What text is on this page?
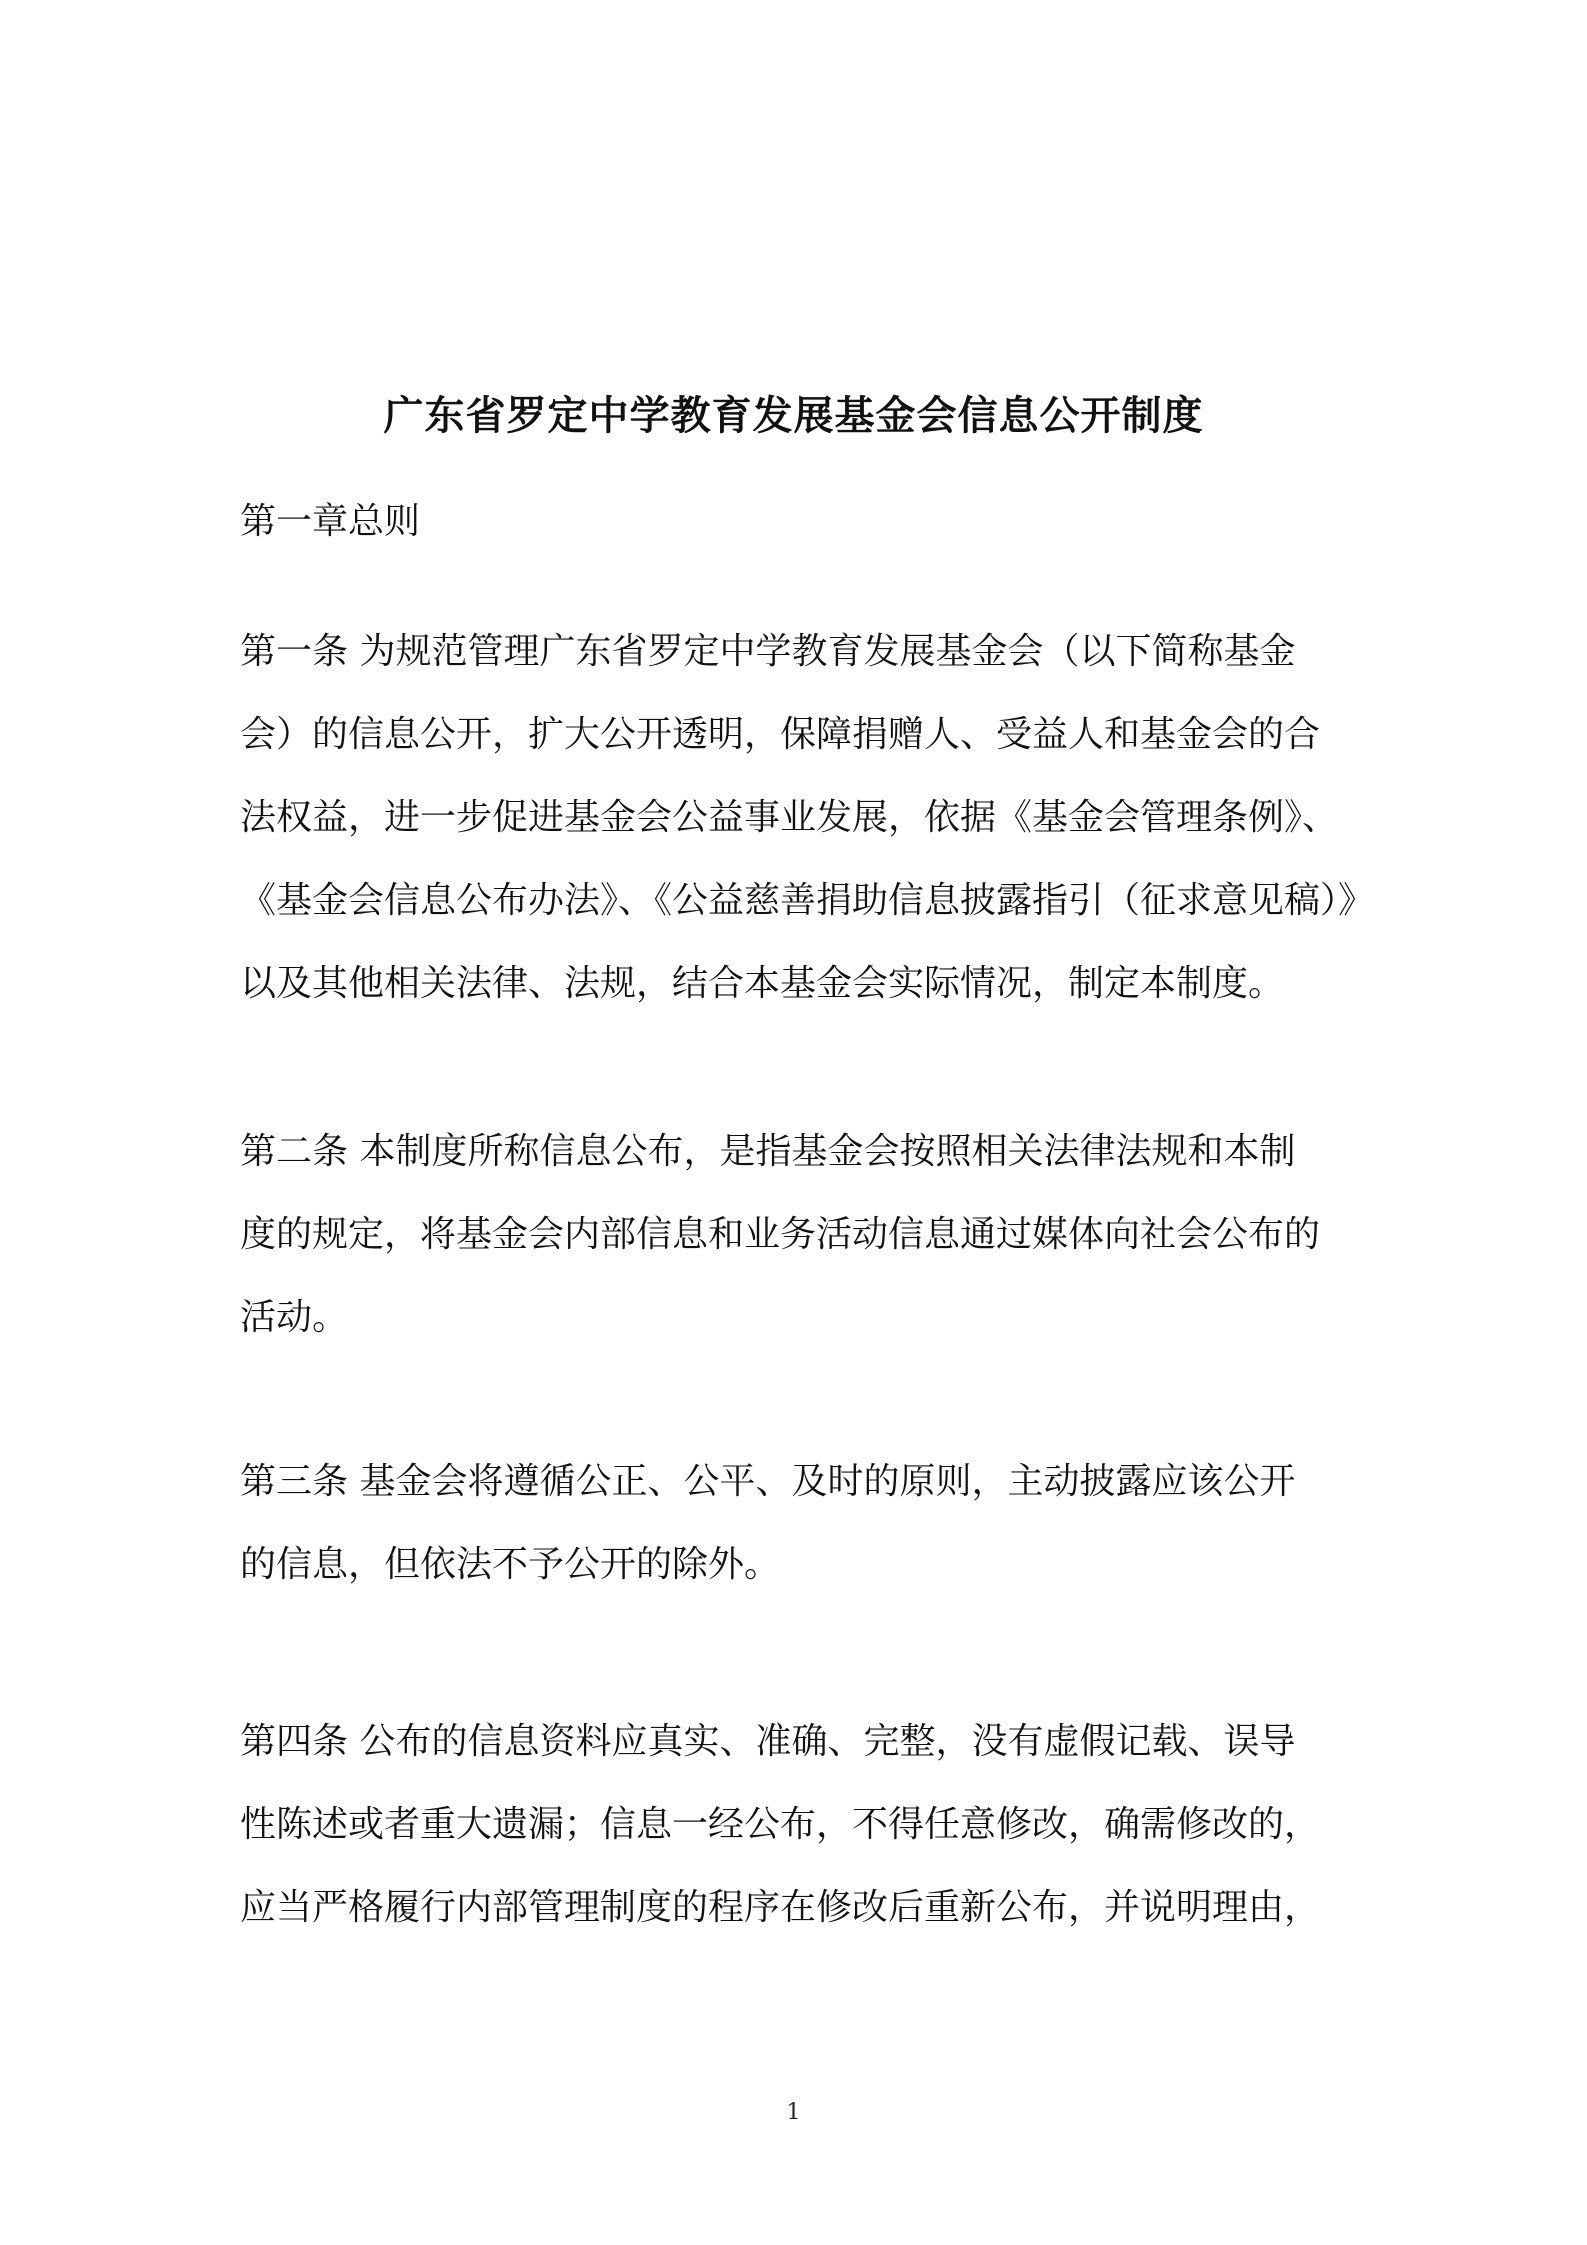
广东省罗定中学教育发展基金会信息公开制度
第一章总则

第一条 为规范管理广东省罗定中学教育发展基金会（以下简称基金
会）的信息公开，扩大公开透明，保障捐赠人、受益人和基金会的合
法权益，进一步促进基金会公益事业发展，依据《基金会管理条例》、
《基金会信息公布办法》、《公益慈善捐助信息披露指引（征求意见稿）》
以及其他相关法律、法规，结合本基金会实际情况，制定本制度。

第二条 本制度所称信息公布，是指基金会按照相关法律法规和本制
度的规定，将基金会内部信息和业务活动信息通过媒体向社会公布的
活动。

第三条 基金会将遵循公正、公平、及时的原则，主动披露应该公开
的信息，但依法不予公开的除外。

第四条 公布的信息资料应真实、准确、完整，没有虚假记载、误导
性陈述或者重大遗漏；信息一经公布，不得任意修改，确需修改的，
应当严格履行内部管理制度的程序在修改后重新公布，并说明理由，

1
